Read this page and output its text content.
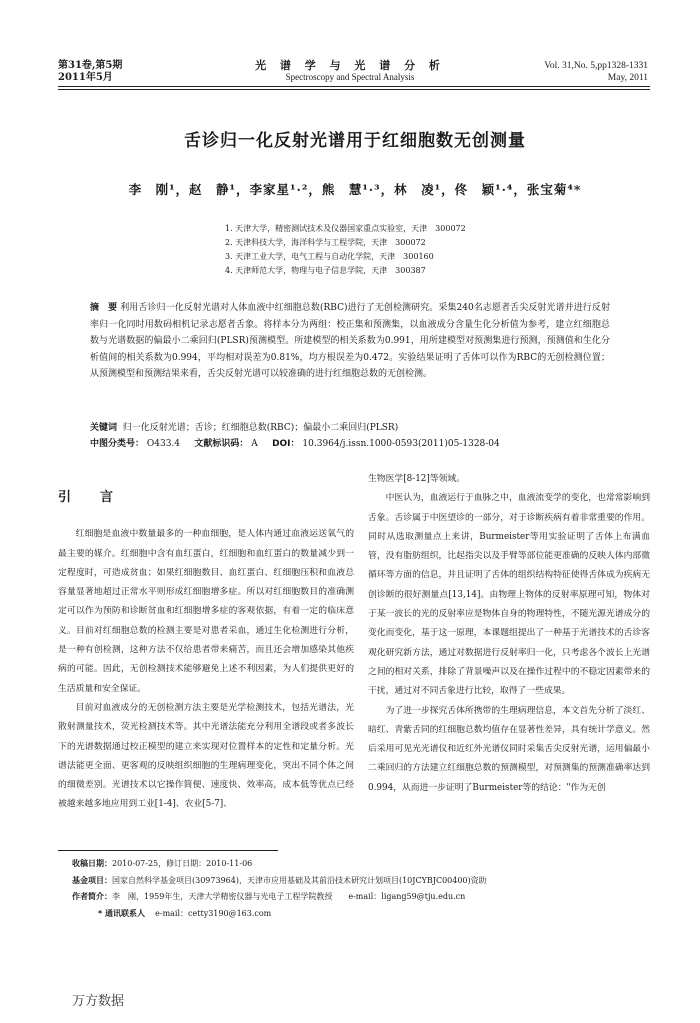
第31卷,第5期
2011年5月
光 谱 学 与 光 谱 分 析
Spectroscopy and Spectral Analysis
Vol. 31,No. 5,pp1328-1331
May, 2011
舌诊归一化反射光谱用于红细胞数无创测量
李　刚¹，赵　静¹，李家星¹·²，熊　慧¹·³，林　凌¹，佟　颖¹·⁴，张宝菊⁴*
1. 天津大学，精密测试技术及仪器国家重点实验室，天津　300072
2. 天津科技大学，海洋科学与工程学院，天津　300072
3. 天津工业大学，电气工程与自动化学院，天津　300160
4. 天津师范大学，物理与电子信息学院，天津　300387
摘　要 利用舌诊归一化反射光谱对人体血液中红细胞总数(RBC)进行了无创检测研究。采集240名志愿者舌尖反射光谱并进行反射率归一化同时用数码相机记录志愿者舌象。将样本分为两组：校正集和预测集，以血液成分含量生化分析值为参考，建立红细胞总数与光谱数据的偏最小二乘回归(PLSR)预测模型。所建模型的相关系数为0.991，用所建模型对预测集进行预测，预测值和生化分析值间的相关系数为0.994，平均相对误差为0.81%，均方根误差为0.472。实验结果证明了舌体可以作为RBC的无创检测位置；从预测模型和预测结果来看，舌尖反射光谱可以较准确的进行红细胞总数的无创检测。
关键词 归一化反射光谱；舌诊；红细胞总数(RBC)；偏最小二乘回归(PLSR)
中图分类号： O433.4 文献标识码： A DOI： 10.3964/j.issn.1000-0593(2011)05-1328-04
引　言

红细胞是血液中数量最多的一种血细胞，是人体内通过血液运送氧气的最主要的媒介。红细胞中含有血红蛋白，红细胞和血红蛋白的数量减少到一定程度时，可造成贫血；如果红细胞数目、血红蛋白、红细胞压积和血液总容量显著地超过正常水平则形成红细胞增多症。所以对红细胞数目的准确测定可以作为预防和诊断贫血和红细胞增多症的客观依据，有着一定的临床意义。目前对红细胞总数的检测主要是对患者采血，通过生化检测进行分析，是一种有创检测，这种方法不仅给患者带来痛苦，而且还会增加感染其他疾病的可能。因此，无创检测技术能够避免上述不利因素，为人们提供更好的生活质量和安全保证。

目前对血液成分的无创检测方法主要是光学检测技术，包括光谱法，光散射测量技术，荧光检测技术等。其中光谱法能充分利用全谱段或者多波长下的光谱数据通过校正模型的建立来实现对位置样本的定性和定量分析。光谱法能更全面、更客观的反映组织细胞的生理病理变化，突出不同个体之间的细微差别。光谱技术以它操作简便、速度快、效率高，成本低等优点已经被越来越多地应用到工业[1-4]、农业[5-7]、

生物医学[8-12]等领域。

中医认为，血液运行于血脉之中，血液流变学的变化，也常常影响到舌象。舌诊属于中医望诊的一部分，对于诊断疾病有着非常重要的作用。同时从选取测量点上来讲，Burmeister等用实验证明了舌体上布满血管，没有脂肪组织，比起指尖以及手臂等部位能更准确的反映人体内部微循环等方面的信息，并且证明了舌体的组织结构特征使得舌体成为疾病无创诊断的很好测量点[13,14]。由物理上物体的反射率原理可知，物体对于某一波长的光的反射率应是物体自身的物理特性，不随光源光谱成分的变化而变化，基于这一原理，本课题组提出了一种基于光谱技术的舌诊客观化研究新方法，通过对数据进行反射率归一化，只考虑各个波长上光谱之间的相对关系，排除了背景噪声以及在操作过程中的不稳定因素带来的干扰，通过对不同舌象进行比较，取得了一些成果。

为了进一步探究舌体所携带的生理病理信息，本文首先分析了淡红、暗红、青紫舌同的红细胞总数均值存在显著性差异，具有统计学意义。然后采用可见光光谱仪和近红外光谱仪同时采集舌尖反射光谱，运用偏最小二乘回归的方法建立红细胞总数的预测模型，对预测集的预测准确率达到0.994，从而进一步证明了Burmeister等的结论："作为无创

收稿日期：2010-07-25，修订日期：2010-11-06
基金项目：国家自然科学基金项目(30973964)，天津市应用基础及其前沿技术研究计划项目(10JCYBJC00400)资助
作者简介：李　刚，1959年生，天津大学精密仪器与光电子工程学院教授　　e-mail：ligang59@tju.edu.cn
* 通讯联系人 e-mail：cetty3190@163.com
万方数据
